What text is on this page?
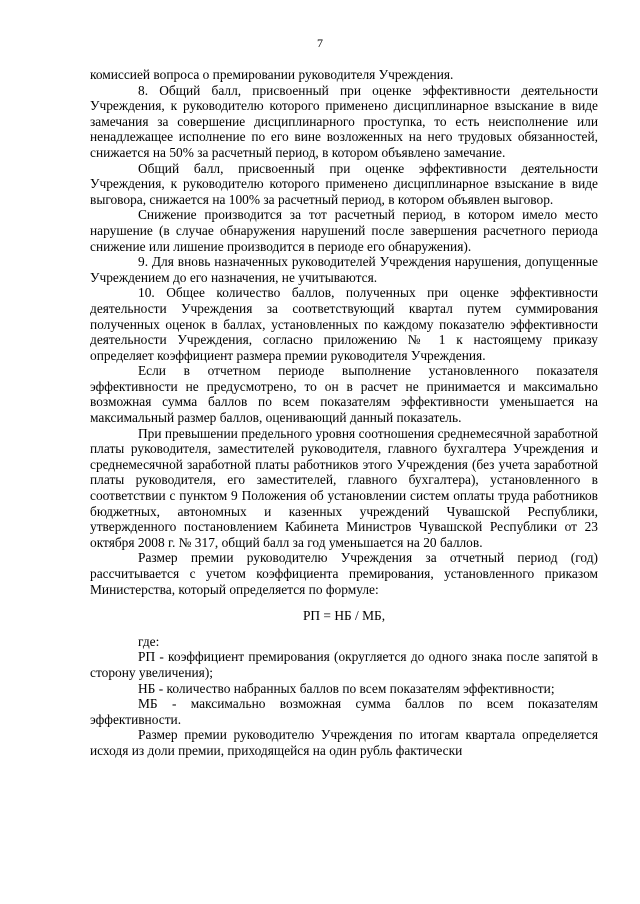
7

комиссией вопроса о премировании руководителя Учреждения.

8. Общий балл, присвоенный при оценке эффективности деятельности Учреждения, к руководителю которого применено дисциплинарное взыскание в виде замечания за совершение дисциплинарного проступка, то есть неисполнение или ненадлежащее исполнение по его вине возложенных на него трудовых обязанностей, снижается на 50% за расчетный период, в котором объявлено замечание.

Общий балл, присвоенный при оценке эффективности деятельности Учреждения, к руководителю которого применено дисциплинарное взыскание в виде выговора, снижается на 100% за расчетный период, в котором объявлен выговор.

Снижение производится за тот расчетный период, в котором имело место нарушение (в случае обнаружения нарушений после завершения расчетного периода снижение или лишение производится в периоде его обнаружения).

9. Для вновь назначенных руководителей Учреждения нарушения, допущенные Учреждением до его назначения, не учитываются.

10. Общее количество баллов, полученных при оценке эффективности деятельности Учреждения за соответствующий квартал путем суммирования полученных оценок в баллах, установленных по каждому показателю эффективности деятельности Учреждения, согласно приложению № 1 к настоящему приказу определяет коэффициент размера премии руководителя Учреждения.

Если в отчетном периоде выполнение установленного показателя эффективности не предусмотрено, то он в расчет не принимается и максимально возможная сумма баллов по всем показателям эффективности уменьшается на максимальный размер баллов, оценивающий данный показатель.

При превышении предельного уровня соотношения среднемесячной заработной платы руководителя, заместителей руководителя, главного бухгалтера Учреждения и среднемесячной заработной платы работников этого Учреждения (без учета заработной платы руководителя, его заместителей, главного бухгалтера), установленного в соответствии с пунктом 9 Положения об установлении систем оплаты труда работников бюджетных, автономных и казенных учреждений Чувашской Республики, утвержденного постановлением Кабинета Министров Чувашской Республики от 23 октября 2008 г. № 317, общий балл за год уменьшается на 20 баллов.

Размер премии руководителю Учреждения за отчетный период (год) рассчитывается с учетом коэффициента премирования, установленного приказом Министерства, который определяется по формуле:

РП = НБ / МБ,

где:

РП - коэффициент премирования (округляется до одного знака после запятой в сторону увеличения);

НБ - количество набранных баллов по всем показателям эффективности;

МБ - максимально возможная сумма баллов по всем показателям эффективности.

Размер премии руководителю Учреждения по итогам квартала определяется исходя из доли премии, приходящейся на один рубль фактически
